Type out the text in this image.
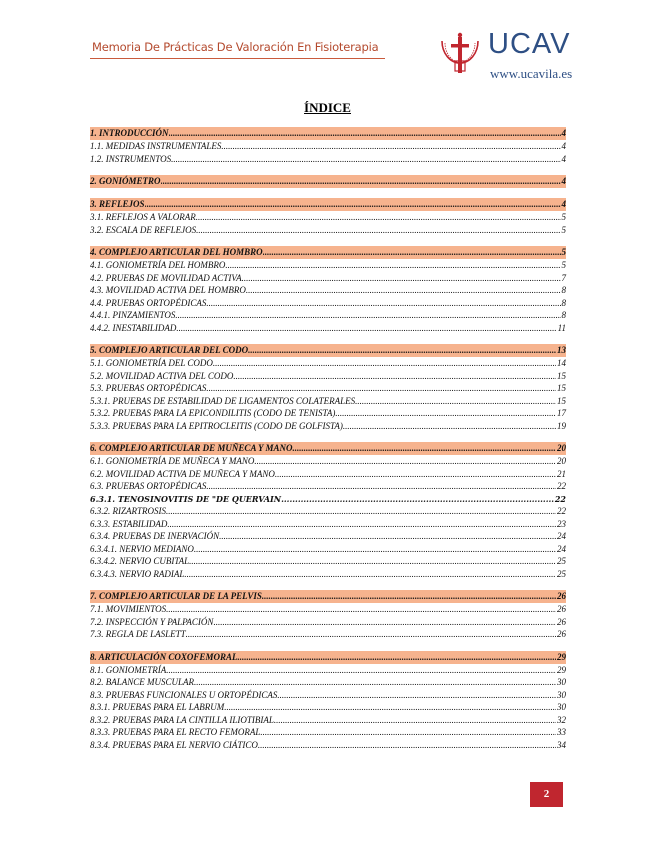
Memoria De Prácticas De Valoración En Fisioterapia	UCAV
www.ucavila.es
ÍNDICE
1. INTRODUCCIÓN .....	4
1.1. MEDIDAS INSTRUMENTALES .....	4
1.2. INSTRUMENTOS .....	4
2. GONIÓMETRO .....	4
3. REFLEJOS .....	4
3.1. REFLEJOS A VALORAR .....	5
3.2. ESCALA DE REFLEJOS .....	5
4. COMPLEJO ARTICULAR DEL HOMBRO .....	5
4.1. GONIOMETRÍA DEL HOMBRO .....	5
4.2. PRUEBAS DE MOVILIDAD ACTIVA .....	7
4.3. MOVILIDAD ACTIVA DEL HOMBRO .....	8
4.4. PRUEBAS ORTOPÉDICAS .....	8
4.4.1. PINZAMIENTOS .....	8
4.4.2. INESTABILIDAD .....	11
5. COMPLEJO ARTICULAR DEL CODO .....	13
5.1. GONIOMETRÍA DEL CODO .....	14
5.2. MOVILIDAD ACTIVA DEL CODO .....	15
5.3. PRUEBAS ORTOPÉDICAS .....	15
5.3.1. PRUEBAS DE ESTABILIDAD DE LIGAMENTOS COLATERALES .....	15
5.3.2. PRUEBAS PARA LA EPICONDILITIS (CODO DE TENISTA) .....	17
5.3.3. PRUEBAS PARA LA EPITROCLEITIS (CODO DE GOLFISTA) .....	19
6. COMPLEJO ARTICULAR DE MUÑECA Y MANO .....	20
6.1. GONIOMETRÍA DE MUÑECA Y MANO .....	20
6.2. MOVILIDAD ACTIVA DE MUÑECA Y MANO .....	21
6.3. PRUEBAS ORTOPÉDICAS .....	22
6.3.1. TENOSINOVITIS DE "DE QUERVAIN .....	22
6.3.2. RIZARTROSIS .....	22
6.3.3. ESTABILIDAD .....	23
6.3.4. PRUEBAS DE INERVACIÓN .....	24
6.3.4.1. NERVIO MEDIANO .....	24
6.3.4.2. NERVIO CUBITAL .....	25
6.3.4.3. NERVIO RADIAL .....	25
7. COMPLEJO ARTICULAR DE LA PELVIS .....	26
7.1. MOVIMIENTOS .....	26
7.2. INSPECCIÓN Y PALPACIÓN .....	26
7.3. REGLA DE LASLETT .....	26
8. ARTICULACIÓN COXOFEMORAL .....	29
8.1. GONIOMETRÍA .....	29
8.2. BALANCE MUSCULAR .....	30
8.3. PRUEBAS FUNCIONALES U ORTOPÉDICAS .....	30
8.3.1. PRUEBAS PARA EL LABRUM .....	30
8.3.2. PRUEBAS PARA LA CINTILLA ILIOTIBIAL .....	32
8.3.3. PRUEBAS PARA EL RECTO FEMORAL .....	33
8.3.4. PRUEBAS PARA EL NERVIO CIÁTICO .....	34
2
